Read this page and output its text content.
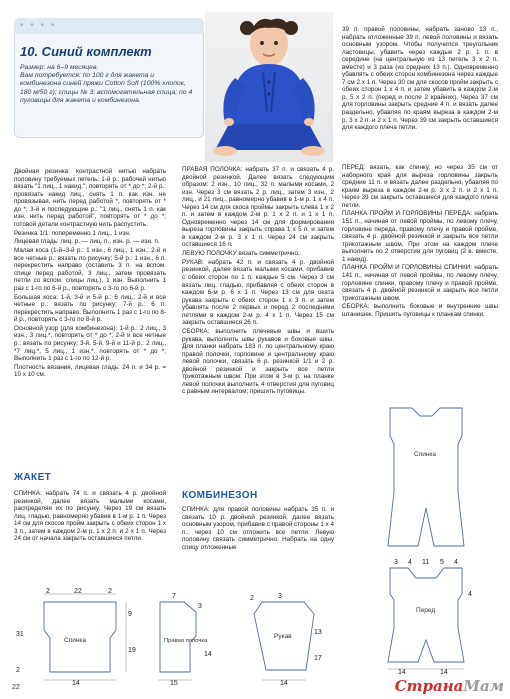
• • • •
10. Синий комплект

Размер: на 6–9 месяцев.

Вам потребуется: по 100 г для жакета и комбинезона синей пряжи Cotton Soft (100% хлопок, 180 м/50 г); спицы № 3; вспомогательная спица; по 4 пуговицы для жакета и комбинезона.

Двойная резинка: контрастной нитью набрать половину требуемых петель: 1-й р.: рабочей нитью вязать "1 лиц., 1 накид.", повторять от * до *; 2-й р.: провязать накид лиц., снять 1 п. как изн. не провязывая, нить перед работой *, повторять от * до *; 3-й и последующие р.: "1 лиц., снять 1 п. как изн. нить перед работой", повторять от * до *; готовой детали контрастную нить распустить.

Резинка 1/1: попеременно 1 лиц., 1 изн.

Лицевая гладь: лиц. р. — лиц. п., изн. р. — изн. п.

Малая коса (1-й–3-й р.: 1 изн., 6 лиц., 1 изн.; 2-й и все четные р.: вязать по рисунку; 5-й р.: 1 изн., 6 п. перекрестить направо (оставить 3 п. на вспом. спице перед работой, 3 лиц., затем провязать петли со вспом. спицы лиц.), 1 изн. Выполнить 1 раз с 1-го по 6-й р., повторять с 3-го по 6-й р.

Большая коса: 1-й, 3-й и 5-й р.: 6 лиц.; 2-й и все четные р.: вязать по рисунку; 7-й р.: 6 п. перекрестить направо. Выполнить 1 раз с 1-го по 8-й р., повторять с 3-го по 8-й р.

Основной узор (для комбинезона): 1-й р.: 2 лиц., 3 изн., 3 лиц.*, повторять от * до *; 2-й и все четные р.: вязать по рисунку; 3-й, 5-й, 9-й и 11-й р.: 2 лиц., *7 лиц.*, 5 лиц., 1 изн.*, повторять от * до *; Выполнить 1 раз с 1-го по 12-й р.

Плотность вязания, лицевая гладь: 24 п. и 34 р. = 10 х 10 см.

ЖАКЕТ

СПИНКА: набрать 74 п. и связать 4 р. двойной резинкой, далее вязать малыми косами, распределяя их по рисунку. Через 19 см вязать лиц. гладью, равномерно убавив в 1-м р. 1 п. Через 14 см для скосов пройм закрыть с обеих сторон 1 x 3 п., затем в каждом 2-м р. 1 x 2 п. и 2 x 1 п. Через 24 см от начала закрыть оставшиеся петли.

ПРАВАЯ ПОЛОЧКА: набрать 37 п. и связать 4 р. двойной резинкой. Далее вязать следующим образом: 2 изн., 10 лиц., 32 п. малыми косами, 2 изн. Через 3 см вязать 2 р. лиц., затем 3 изн., 2 лиц., и 21 лиц., равномерно убавив в 1-м р. 1 x 4 п. Через 14 см для скоса проймы закрыть слева 1 x 2 п. и затем в каждом 2-м р. 1 x 2 п. и 1 x 1 п. Одновременно через 14 см для формирования выреза горловины закрыть справа 1 x 5 п. и затем в каждом 2-м р. 3 x 1 п. Через 24 см закрыть оставшиеся 16 п.

ЛЕВУЮ ПОЛОЧКУ вязать симметрично.

РУКАВ: набрать 42 п. и связать 4 р. двойной резинкой, далее вязать малыми косами, прибавив с обеих сторон по 1 п. каждые 5 см. Через 3 см вязать лиц. гладью, прибавляя с обеих сторон в каждом 6-м р. 6 x 1 п. Через 13 см для оката рукава закрыть с обеих сторон 1 x 3 п. и затем убавлять после 2 первых и перед 2 последними петлями в каждом 2-м р. 4 x 1 п. Через 15 см закрыть оставшиеся 26 п.

СБОРКА: выполнить плечевые швы и вшить рукава, выполнить швы рукавов и боковые швы. Для планки набрать 183 п. по центральному краю правой полочки, горловине и центральному краю левой полочки, связать 6 р. резинкой 1/1 и 2 р. двойной резинкой и закрыть все петли трикотажным швом. При этом в 3-м р. на планке левой полочки выполнить 4 отверстия для пуговиц с равным интервалом; пришить пуговицы.

КОМБИНЕЗОН

СПИНКА: для правой половины набрать 35 п. и связать 10 р. двойной резинкой, далее вязать основным узором, прибавив с правой стороны 1 x 4 п.; через 10 см отложить все петли. Левую половину связать симметрично. Набрать на одну спицу отложенные

39 п. правой половины, набрать заново 13 п., набрать отложенные 39 п. левой половины и вязать основным узором. Чтобы получился треугольник ластовицы, убавить через каждые 2 р. 1 п. в середине (на центральную из 13 петель 3 x 2 п. вместе) и 3 раза (из средних 13 п.). Одновременно убавлять с обеих сторон комбинезона через каждые 7 см 2 x 1 п. Через 30 см для скосов пройм закрыть с обеих сторон 1 x 4 п. и затем убавить в каждом 2-м р. 5 x 2 п. (перед и после 2 крайних). Через 37 см для горловины закрыть средние 4 п. и вязать далее раздельно, убавляя по краям выреза в каждом 2-м р. 3 x 2 п. и 2 x 1 п. Через 39 см закрыть оставшиеся для каждого плеча петли.

ПЕРЕД: вязать, как спинку, но через 35 см от наборного края для выреза горловины закрыть средние 11 п. и вязать далее раздельно, убавляя по краям выреза в каждом 2-м р. 3 x 2 п. и 2 x 1 п. Через 39 см закрыть оставшиеся для каждого плеча петли.

ПЛАНКА ПРОЙМ И ГОРЛОВИНЫ ПЕРЕДА: набрать 151 п., начиная от левой проймы, по левому плечу, горловине переда, правому плечу и правой пройме, связать 4 р. двойной резинкой и закрыть все петли трикотажным швом. При этом на каждом плече выполнить по 2 отверстия для пуговиц (2 в. вместе, 1 накид).

ПЛАНКА ПРОЙМ И ГОРЛОВИНЫ СПИНКИ: набрать 141 п., начиная от левой проймы, по левому плечу, горловине спинки, правому плечу и правой пройме, связать 4 р. двойной резинкой и закрыть все петли трикотажным швом.

СБОРКА: выполнить боковые и внутренние швы штанишек. Пришить пуговицы к планкам спинки.

2	22	2
14
9
19
31
2
Спинка
7
3
14
15
Правая полочка
3
2
13
17
14
Рукав
Спинка
3 4 11 5 4
4
14	14
Перед
22	СтранаМам
